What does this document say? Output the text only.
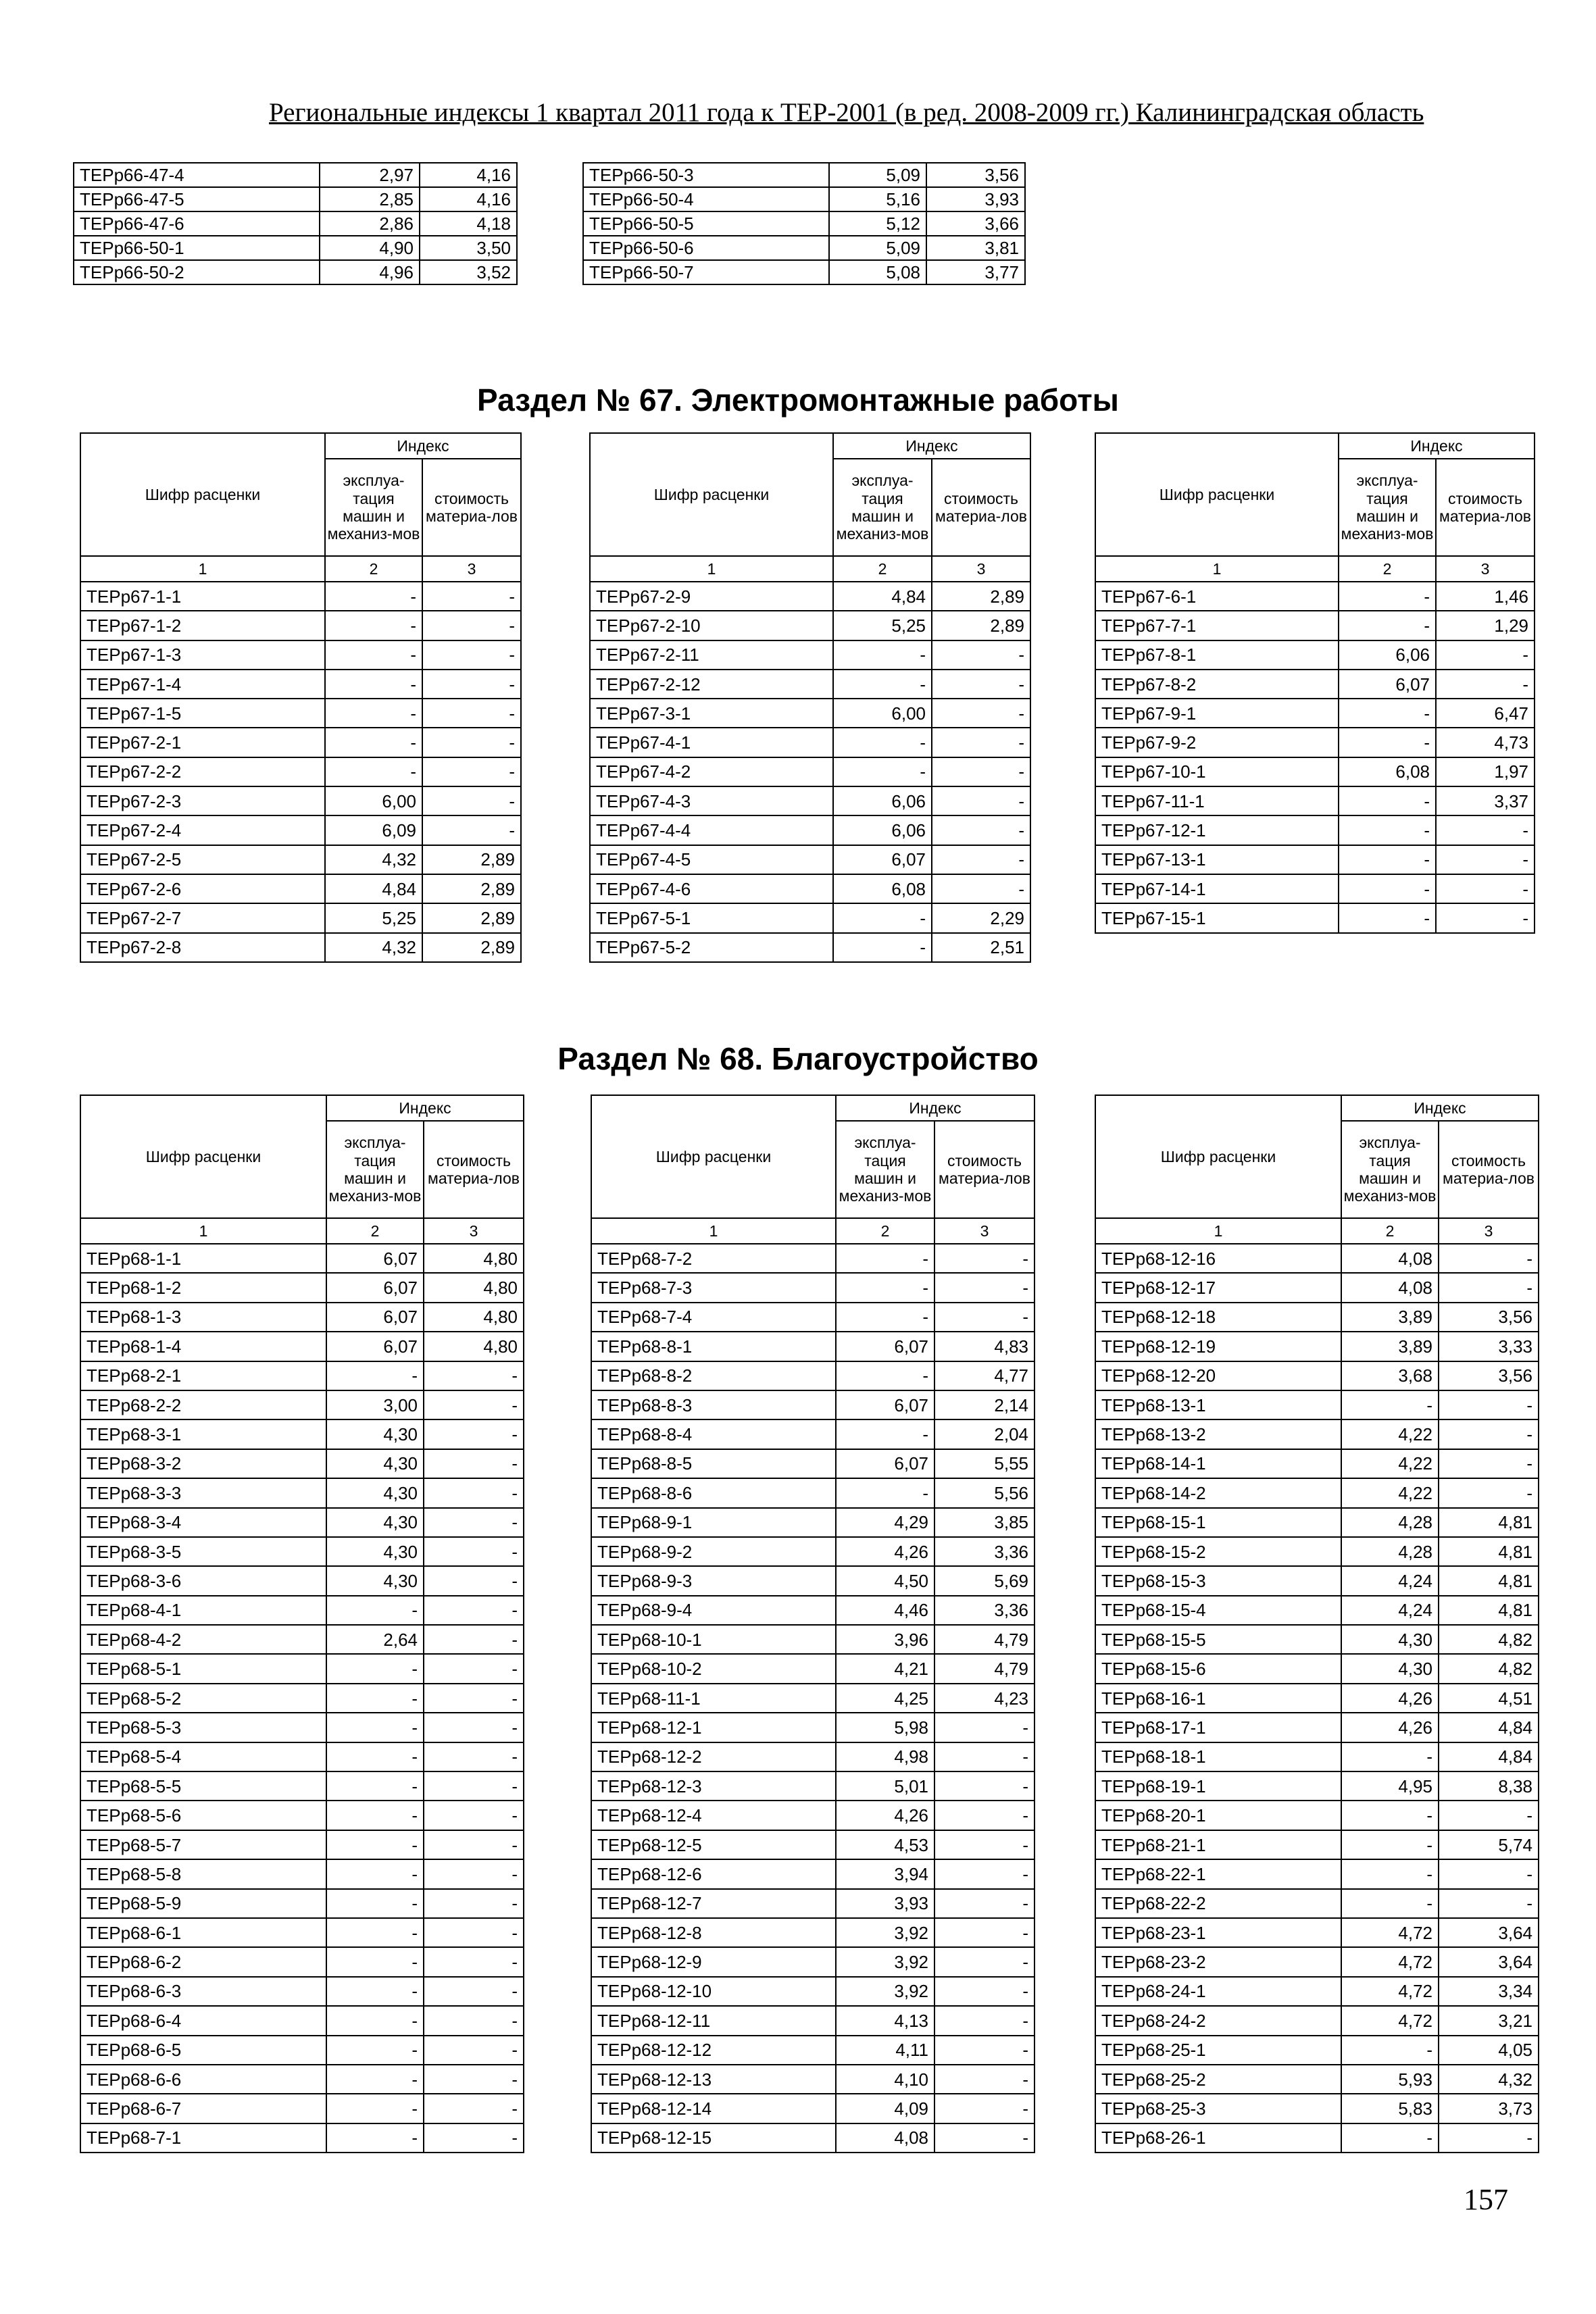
Региональные индексы 1 квартал 2011 года к ТЕР-2001 (в ред. 2008-2009 гг.) Калининградская область
Раздел № 67. Электромонтажные работы
Раздел № 68. Благоустройство
ТЕРр66-47-4	2,97	4,16
ТЕРр66-47-5	2,85	4,16
ТЕРр66-47-6	2,86	4,18
ТЕРр66-50-1	4,90	3,50
ТЕРр66-50-2	4,96	3,52
ТЕРр66-50-3	5,09	3,56
ТЕРр66-50-4	5,16	3,93
ТЕРр66-50-5	5,12	3,66
ТЕРр66-50-6	5,09	3,81
ТЕРр66-50-7	5,08	3,77
Шифр расценки	Индекс	
	эксплуа-тация машин и механиз-мов	стоимость материа-лов
1	2	3
ТЕРр67-1-1	-	-
ТЕРр67-1-2	-	-
ТЕРр67-1-3	-	-
ТЕРр67-1-4	-	-
ТЕРр67-1-5	-	-
ТЕРр67-2-1	-	-
ТЕРр67-2-2	-	-
ТЕРр67-2-3	6,00	-
ТЕРр67-2-4	6,09	-
ТЕРр67-2-5	4,32	2,89
ТЕРр67-2-6	4,84	2,89
ТЕРр67-2-7	5,25	2,89
ТЕРр67-2-8	4,32	2,89
Шифр расценки	Индекс	
	эксплуа-тация машин и механиз-мов	стоимость материа-лов
1	2	3
ТЕРр67-2-9	4,84	2,89
ТЕРр67-2-10	5,25	2,89
ТЕРр67-2-11	-	-
ТЕРр67-2-12	-	-
ТЕРр67-3-1	6,00	-
ТЕРр67-4-1	-	-
ТЕРр67-4-2	-	-
ТЕРр67-4-3	6,06	-
ТЕРр67-4-4	6,06	-
ТЕРр67-4-5	6,07	-
ТЕРр67-4-6	6,08	-
ТЕРр67-5-1	-	2,29
ТЕРр67-5-2	-	2,51
Шифр расценки	Индекс	
	эксплуа-тация машин и механиз-мов	стоимость материа-лов
1	2	3
ТЕРр67-6-1	-	1,46
ТЕРр67-7-1	-	1,29
ТЕРр67-8-1	6,06	-
ТЕРр67-8-2	6,07	-
ТЕРр67-9-1	-	6,47
ТЕРр67-9-2	-	4,73
ТЕРр67-10-1	6,08	1,97
ТЕРр67-11-1	-	3,37
ТЕРр67-12-1	-	-
ТЕРр67-13-1	-	-
ТЕРр67-14-1	-	-
ТЕРр67-15-1	-	-
Шифр расценки	Индекс	
	эксплуа-тация машин и механиз-мов	стоимость материа-лов
1	2	3
ТЕРр68-1-1	6,07	4,80
ТЕРр68-1-2	6,07	4,80
ТЕРр68-1-3	6,07	4,80
ТЕРр68-1-4	6,07	4,80
ТЕРр68-2-1	-	-
ТЕРр68-2-2	3,00	-
ТЕРр68-3-1	4,30	-
ТЕРр68-3-2	4,30	-
ТЕРр68-3-3	4,30	-
ТЕРр68-3-4	4,30	-
ТЕРр68-3-5	4,30	-
ТЕРр68-3-6	4,30	-
ТЕРр68-4-1	-	-
ТЕРр68-4-2	2,64	-
ТЕРр68-5-1	-	-
ТЕРр68-5-2	-	-
ТЕРр68-5-3	-	-
ТЕРр68-5-4	-	-
ТЕРр68-5-5	-	-
ТЕРр68-5-6	-	-
ТЕРр68-5-7	-	-
ТЕРр68-5-8	-	-
ТЕРр68-5-9	-	-
ТЕРр68-6-1	-	-
ТЕРр68-6-2	-	-
ТЕРр68-6-3	-	-
ТЕРр68-6-4	-	-
ТЕРр68-6-5	-	-
ТЕРр68-6-6	-	-
ТЕРр68-6-7	-	-
ТЕРр68-7-1	-	-
Шифр расценки	Индекс	
	эксплуа-тация машин и механиз-мов	стоимость материа-лов
1	2	3
ТЕРр68-7-2	-	-
ТЕРр68-7-3	-	-
ТЕРр68-7-4	-	-
ТЕРр68-8-1	6,07	4,83
ТЕРр68-8-2	-	4,77
ТЕРр68-8-3	6,07	2,14
ТЕРр68-8-4	-	2,04
ТЕРр68-8-5	6,07	5,55
ТЕРр68-8-6	-	5,56
ТЕРр68-9-1	4,29	3,85
ТЕРр68-9-2	4,26	3,36
ТЕРр68-9-3	4,50	5,69
ТЕРр68-9-4	4,46	3,36
ТЕРр68-10-1	3,96	4,79
ТЕРр68-10-2	4,21	4,79
ТЕРр68-11-1	4,25	4,23
ТЕРр68-12-1	5,98	-
ТЕРр68-12-2	4,98	-
ТЕРр68-12-3	5,01	-
ТЕРр68-12-4	4,26	-
ТЕРр68-12-5	4,53	-
ТЕРр68-12-6	3,94	-
ТЕРр68-12-7	3,93	-
ТЕРр68-12-8	3,92	-
ТЕРр68-12-9	3,92	-
ТЕРр68-12-10	3,92	-
ТЕРр68-12-11	4,13	-
ТЕРр68-12-12	4,11	-
ТЕРр68-12-13	4,10	-
ТЕРр68-12-14	4,09	-
ТЕРр68-12-15	4,08	-
Шифр расценки	Индекс	
	эксплуа-тация машин и механиз-мов	стоимость материа-лов
1	2	3
ТЕРр68-12-16	4,08	-
ТЕРр68-12-17	4,08	-
ТЕРр68-12-18	3,89	3,56
ТЕРр68-12-19	3,89	3,33
ТЕРр68-12-20	3,68	3,56
ТЕРр68-13-1	-	-
ТЕРр68-13-2	4,22	-
ТЕРр68-14-1	4,22	-
ТЕРр68-14-2	4,22	-
ТЕРр68-15-1	4,28	4,81
ТЕРр68-15-2	4,28	4,81
ТЕРр68-15-3	4,24	4,81
ТЕРр68-15-4	4,24	4,81
ТЕРр68-15-5	4,30	4,82
ТЕРр68-15-6	4,30	4,82
ТЕРр68-16-1	4,26	4,51
ТЕРр68-17-1	4,26	4,84
ТЕРр68-18-1	-	4,84
ТЕРр68-19-1	4,95	8,38
ТЕРр68-20-1	-	-
ТЕРр68-21-1	-	5,74
ТЕРр68-22-1	-	-
ТЕРр68-22-2	-	-
ТЕРр68-23-1	4,72	3,64
ТЕРр68-23-2	4,72	3,64
ТЕРр68-24-1	4,72	3,34
ТЕРр68-24-2	4,72	3,21
ТЕРр68-25-1	-	4,05
ТЕРр68-25-2	5,93	4,32
ТЕРр68-25-3	5,83	3,73
ТЕРр68-26-1	-	-
157
